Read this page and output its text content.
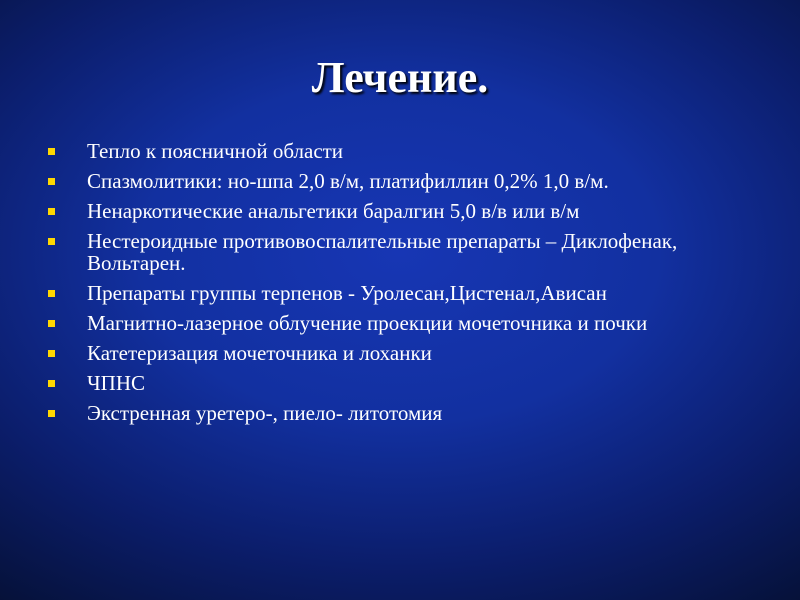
Лечение.
Тепло к поясничной области
Спазмолитики: но-шпа 2,0 в/м, платифиллин 0,2% 1,0 в/м.
Ненаркотические анальгетики баралгин 5,0 в/в или в/м
Нестероидные противовоспалительные препараты – Диклофенак, Вольтарен.
Препараты группы терпенов - Уролесан,Цистенал,Ависан
Магнитно-лазерное облучение проекции мочеточника и почки
Катетеризация мочеточника и лоханки
ЧПНС
Экстренная уретеро-, пиело- литотомия
